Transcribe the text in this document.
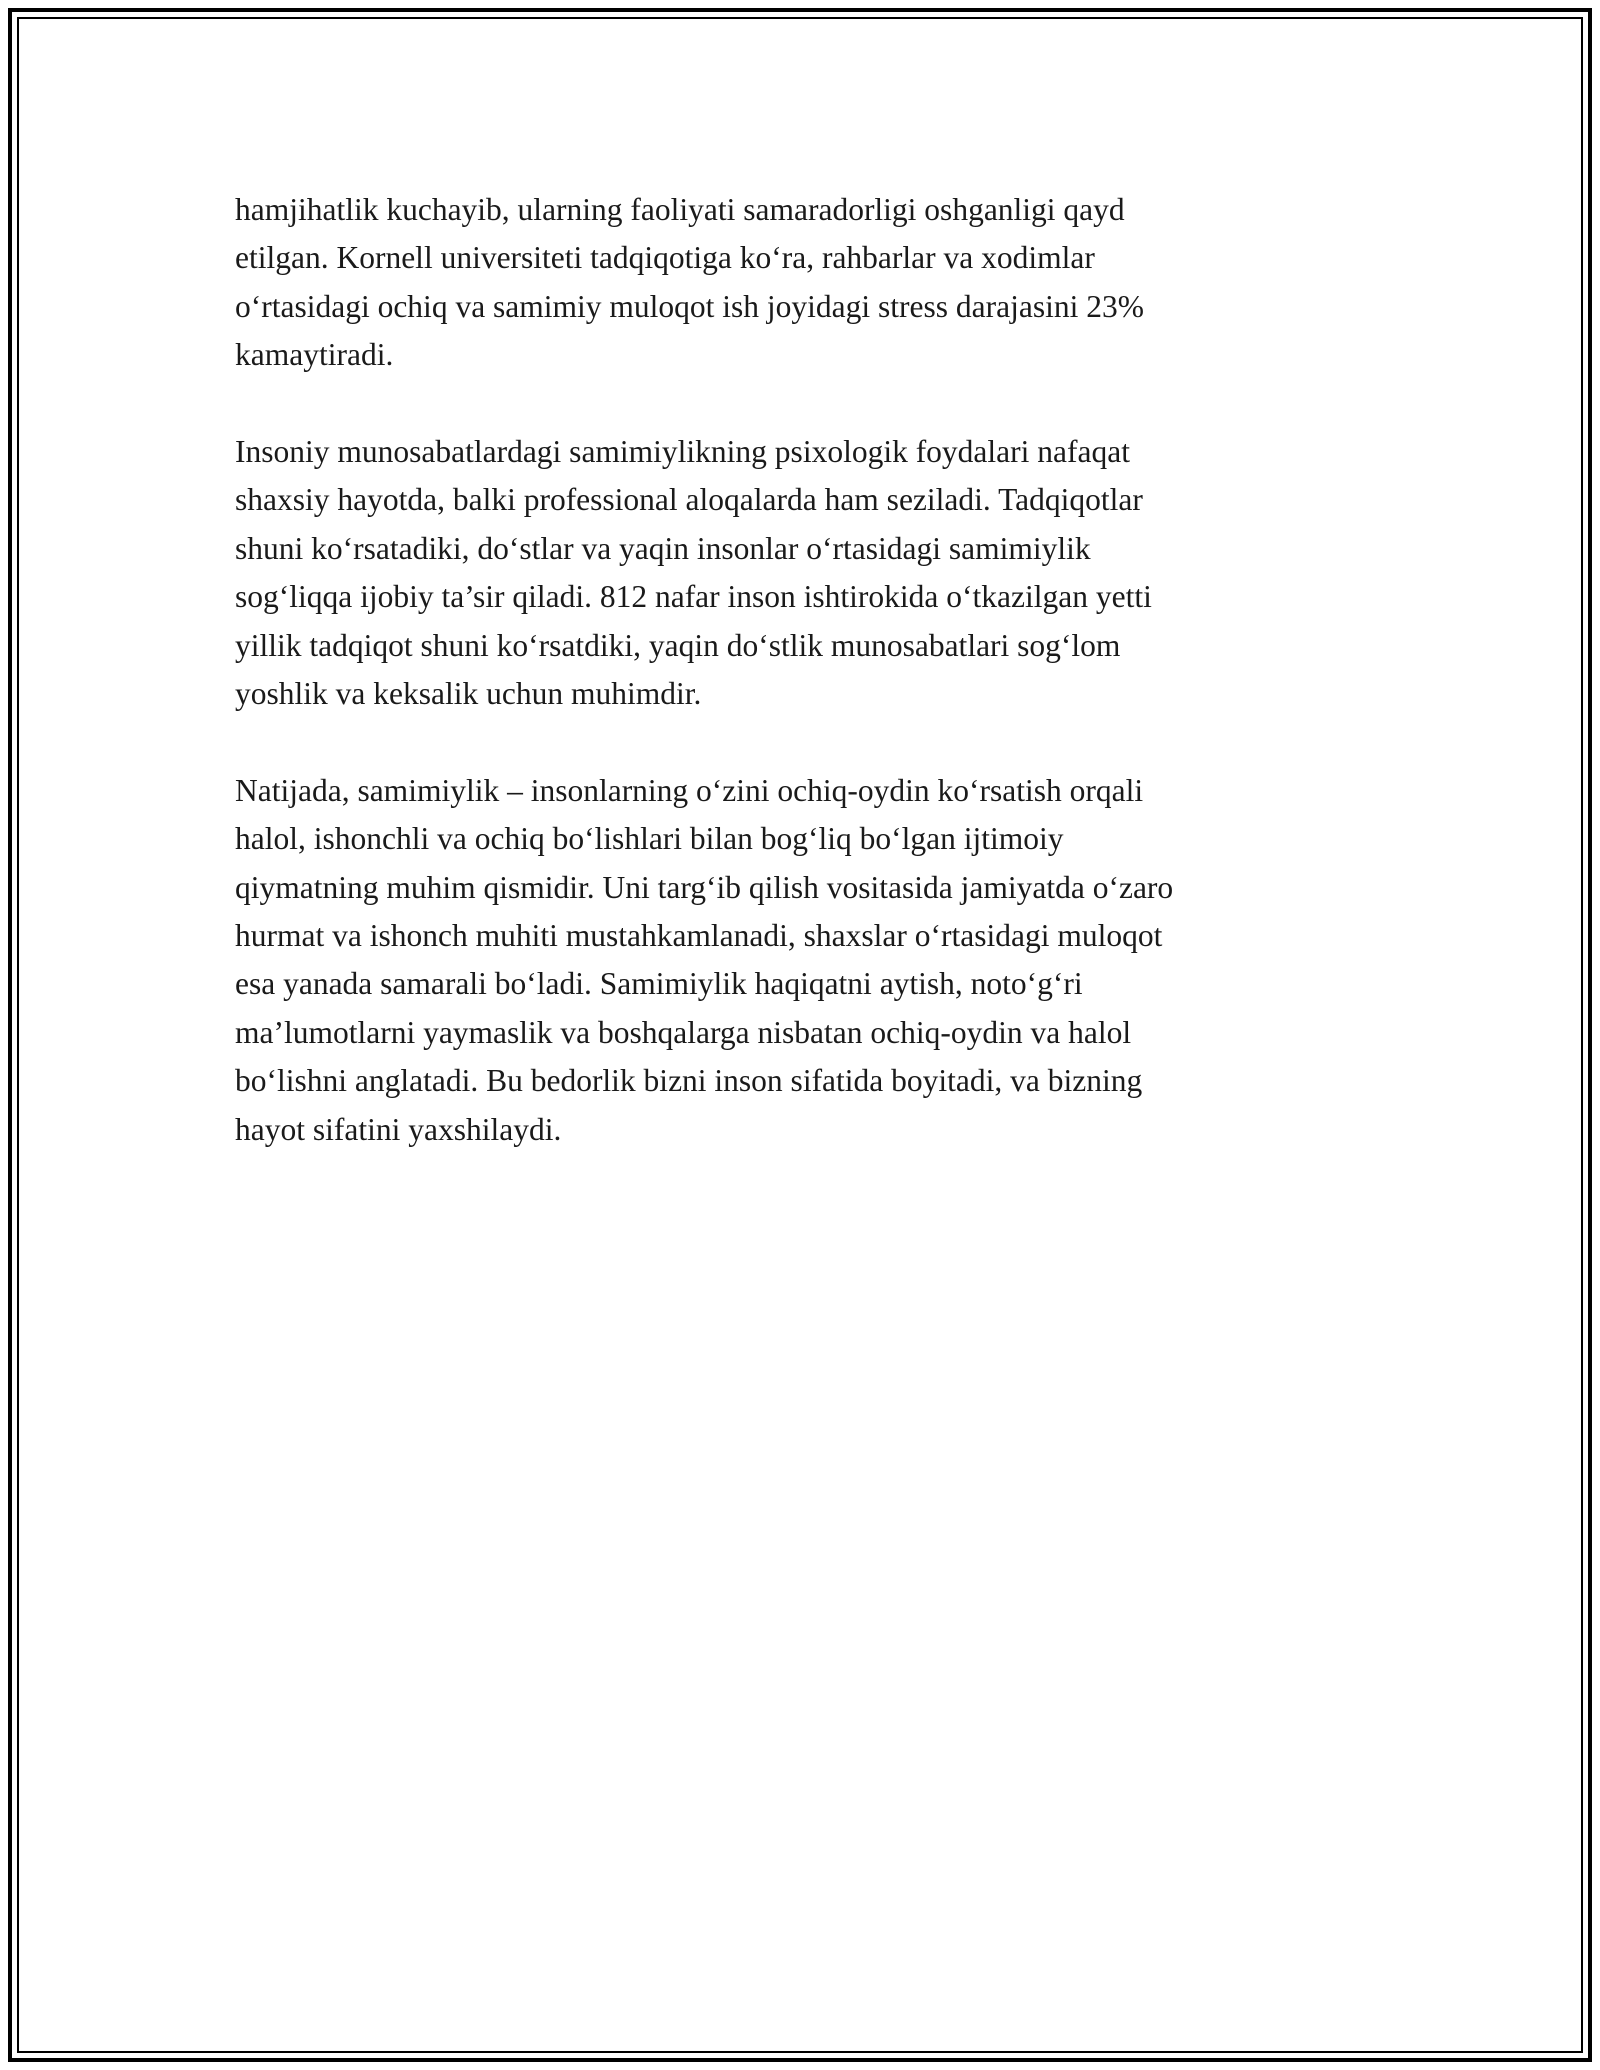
hamjihatlik kuchayib, ularning faoliyati samaradorligi oshganligi qayd
etilgan. Kornell universiteti tadqiqotiga ko‘ra, rahbarlar va xodimlar
o‘rtasidagi ochiq va samimiy muloqot ish joyidagi stress darajasini 23%
kamaytiradi.

Insoniy munosabatlardagi samimiylikning psixologik foydalari nafaqat
shaxsiy hayotda, balki professional aloqalarda ham seziladi. Tadqiqotlar
shuni ko‘rsatadiki, do‘stlar va yaqin insonlar o‘rtasidagi samimiylik
sog‘liqqa ijobiy ta’sir qiladi. 812 nafar inson ishtirokida o‘tkazilgan yetti
yillik tadqiqot shuni ko‘rsatdiki, yaqin do‘stlik munosabatlari sog‘lom
yoshlik va keksalik uchun muhimdir.

Natijada, samimiylik – insonlarning o‘zini ochiq-oydin ko‘rsatish orqali
halol, ishonchli va ochiq bo‘lishlari bilan bog‘liq bo‘lgan ijtimoiy
qiymatning muhim qismidir. Uni targ‘ib qilish vositasida jamiyatda o‘zaro
hurmat va ishonch muhiti mustahkamlanadi, shaxslar o‘rtasidagi muloqot
esa yanada samarali bo‘ladi. Samimiylik haqiqatni aytish, noto‘g‘ri
ma’lumotlarni yaymaslik va boshqalarga nisbatan ochiq-oydin va halol
bo‘lishni anglatadi. Bu bedorlik bizni inson sifatida boyitadi, va bizning
hayot sifatini yaxshilaydi.
